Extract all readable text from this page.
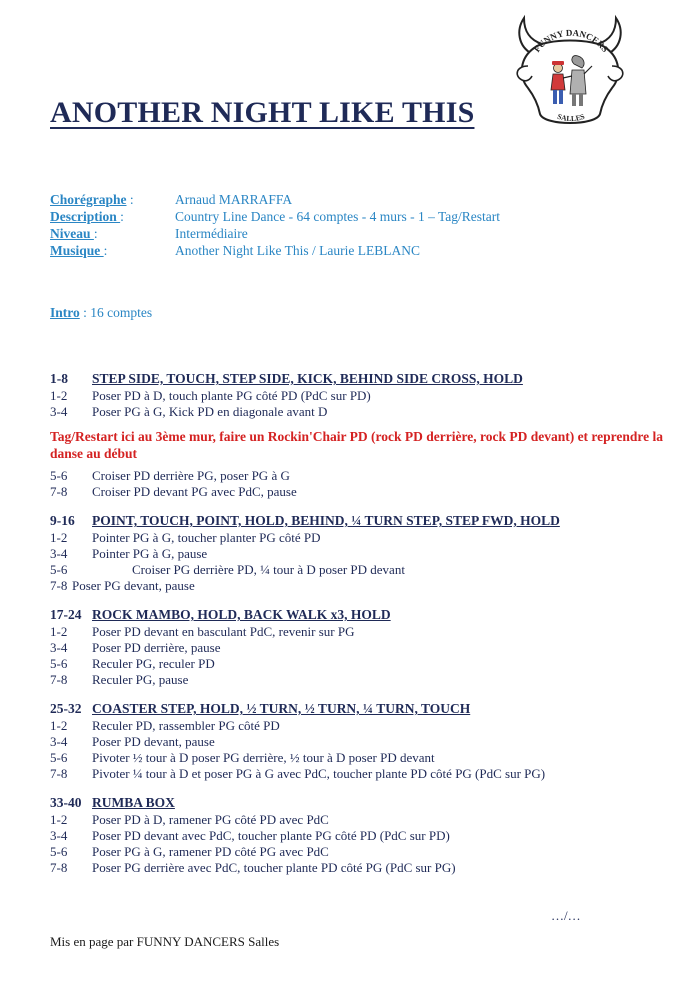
FUNNY DANCERS
SALLES
ANOTHER NIGHT LIKE THIS
Chorégraphe :	Arnaud MARRAFFA
Description :	Country Line Dance - 64 comptes - 4 murs - 1 – Tag/Restart
Niveau :	Intermédiaire
Musique :	Another Night Like This / Laurie LEBLANC
Intro : 16 comptes
1-8 STEP SIDE, TOUCH, STEP SIDE, KICK, BEHIND SIDE CROSS, HOLD
1-2 Poser PD à D, touch plante PG côté PD (PdC sur PD)
3-4 Poser PG à G, Kick PD en diagonale avant D
Tag/Restart ici au 3ème mur, faire un Rockin'Chair PD (rock PD derrière, rock PD devant) et reprendre la danse au début
5-6 Croiser PD derrière PG, poser PG à G
7-8 Croiser PD devant PG avec PdC, pause
9-16 POINT, TOUCH, POINT, HOLD, BEHIND, ¼ TURN STEP, STEP FWD, HOLD
1-2 Pointer PG à G, toucher planter PG côté PD
3-4 Pointer PG à G, pause
5-6	Croiser PG derrière PD, ¼ tour à D poser PD devant
7-8 Poser PG devant, pause
17-24 ROCK MAMBO, HOLD, BACK WALK x3, HOLD
1-2 Poser PD devant en basculant PdC, revenir sur PG
3-4 Poser PD derrière, pause
5-6 Reculer PG, reculer PD
7-8 Reculer PG, pause
25-32 COASTER STEP, HOLD, ½ TURN, ½ TURN, ¼ TURN, TOUCH
1-2 Reculer PD, rassembler PG côté PD
3-4 Poser PD devant, pause
5-6 Pivoter ½ tour à D poser PG derrière, ½ tour à D poser PD devant
7-8 Pivoter ¼ tour à D et poser PG à G avec PdC, toucher plante PD côté PG (PdC sur PG)
33-40 RUMBA BOX
1-2 Poser PD à D, ramener PG côté PD avec PdC
3-4 Poser PD devant avec PdC, toucher plante PG côté PD (PdC sur PD)
5-6 Poser PG à G, ramener PD côté PG avec PdC
7-8 Poser PG derrière avec PdC, toucher plante PD côté PG (PdC sur PG)
…/…
Mis en page par FUNNY DANCERS Salles
